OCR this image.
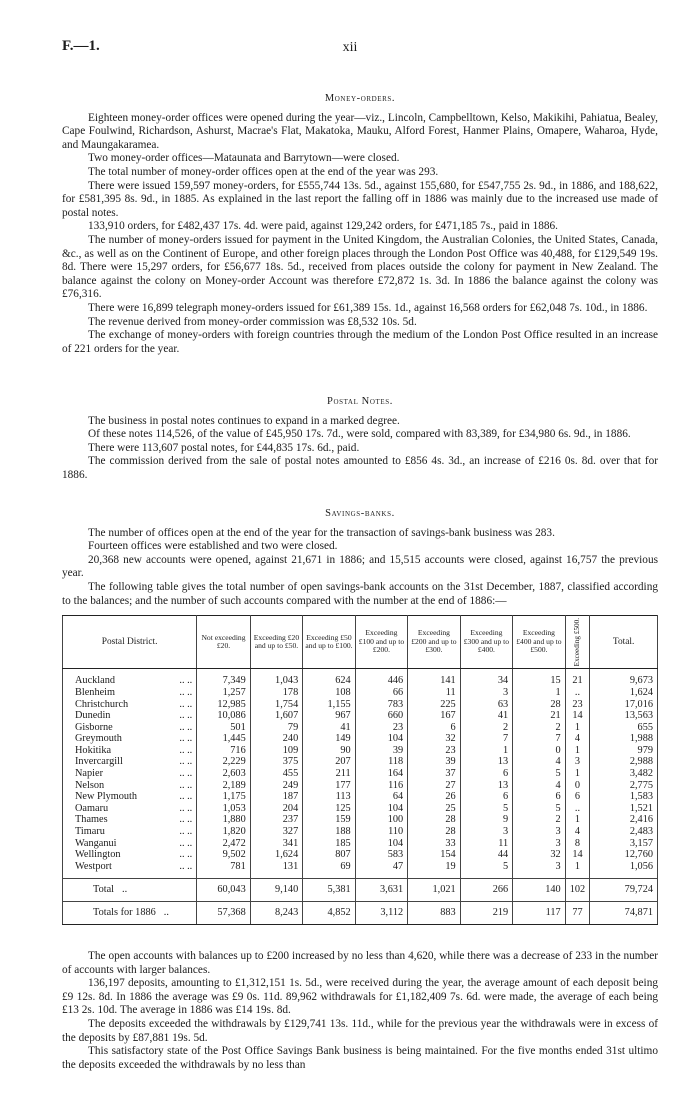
F.—1.	xii

Money-orders.

Eighteen money-order offices were opened during the year—viz., Lincoln, Campbelltown, Kelso, Makikihi, Pahiatua, Bealey, Cape Foulwind, Richardson, Ashurst, Macrae's Flat, Makatoka, Mauku, Alford Forest, Hanmer Plains, Omapere, Waharoa, Hyde, and Maungakaramea.

Two money-order offices—Mataunata and Barrytown—were closed.

The total number of money-order offices open at the end of the year was 293.

There were issued 159,597 money-orders, for £555,744 13s. 5d., against 155,680, for £547,755 2s. 9d., in 1886, and 188,622, for £581,395 8s. 9d., in 1885. As explained in the last report the falling off in 1886 was mainly due to the increased use made of postal notes.

133,910 orders, for £482,437 17s. 4d. were paid, against 129,242 orders, for £471,185 7s., paid in 1886.

The number of money-orders issued for payment in the United Kingdom, the Australian Colonies, the United States, Canada, &c., as well as on the Continent of Europe, and other foreign places through the London Post Office was 40,488, for £129,549 19s. 8d. There were 15,297 orders, for £56,677 18s. 5d., received from places outside the colony for payment in New Zealand. The balance against the colony on Money-order Account was therefore £72,872 1s. 3d. In 1886 the balance against the colony was £76,316.

There were 16,899 telegraph money-orders issued for £61,389 15s. 1d., against 16,568 orders for £62,048 7s. 10d., in 1886.

The revenue derived from money-order commission was £8,532 10s. 5d.

The exchange of money-orders with foreign countries through the medium of the London Post Office resulted in an increase of 221 orders for the year.

Postal Notes.

The business in postal notes continues to expand in a marked degree.

Of these notes 114,526, of the value of £45,950 17s. 7d., were sold, compared with 83,389, for £34,980 6s. 9d., in 1886.

There were 113,607 postal notes, for £44,835 17s. 6d., paid.

The commission derived from the sale of postal notes amounted to £856 4s. 3d., an increase of £216 0s. 8d. over that for 1886.

Savings-banks.

The number of offices open at the end of the year for the transaction of savings-bank business was 283.

Fourteen offices were established and two were closed.

20,368 new accounts were opened, against 21,671 in 1886; and 15,515 accounts were closed, against 16,757 the previous year.

The following table gives the total number of open savings-bank accounts on the 31st December, 1887, classified according to the balances; and the number of such accounts compared with the number at the end of 1886:—

Postal District.	Not exceeding £20.	Exceeding £20 and up to £50.	Exceeding £50 and up to £100.	Exceeding £100 and up to £200.	Exceeding £200 and up to £300.	Exceeding £300 and up to £400.	Exceeding £400 and up to £500.	Exceeding £500.	Total.
Auckland .. ..	7,349	1,043	624	446	141	34	15	21	9,673
Blenheim .. ..	1,257	178	108	66	11	3	1	..	1,624
Christchurch .. ..	12,985	1,754	1,155	783	225	63	28	23	17,016
Dunedin .. ..	10,086	1,607	967	660	167	41	21	14	13,563
Gisborne .. ..	501	79	41	23	6	2	2	1	655
Greymouth .. ..	1,445	240	149	104	32	7	7	4	1,988
Hokitika .. ..	716	109	90	39	23	1	0	1	979
Invercargill .. ..	2,229	375	207	118	39	13	4	3	2,988
Napier .. ..	2,603	455	211	164	37	6	5	1	3,482
Nelson .. ..	2,189	249	177	116	27	13	4	0	2,775
New Plymouth .. ..	1,175	187	113	64	26	6	6	6	1,583
Oamaru .. ..	1,053	204	125	104	25	5	5	..	1,521
Thames .. ..	1,880	237	159	100	28	9	2	1	2,416
Timaru .. ..	1,820	327	188	110	28	3	3	4	2,483
Wanganui .. ..	2,472	341	185	104	33	11	3	8	3,157
Wellington .. ..	9,502	1,624	807	583	154	44	32	14	12,760
Westport .. ..	781	131	69	47	19	5	3	1	1,056
Total ..	60,043	9,140	5,381	3,631	1,021	266	140	102	79,724
Totals for 1886 ..	57,368	8,243	4,852	3,112	883	219	117	77	74,871

The open accounts with balances up to £200 increased by no less than 4,620, while there was a decrease of 233 in the number of accounts with larger balances.

136,197 deposits, amounting to £1,312,151 1s. 5d., were received during the year, the average amount of each deposit being £9 12s. 8d. In 1886 the average was £9 0s. 11d. 89,962 withdrawals for £1,182,409 7s. 6d. were made, the average of each being £13 2s. 10d. The average in 1886 was £14 19s. 8d.

The deposits exceeded the withdrawals by £129,741 13s. 11d., while for the previous year the withdrawals were in excess of the deposits by £87,881 19s. 5d.

This satisfactory state of the Post Office Savings Bank business is being maintained. For the five months ended 31st ultimo the deposits exceeded the withdrawals by no less than
